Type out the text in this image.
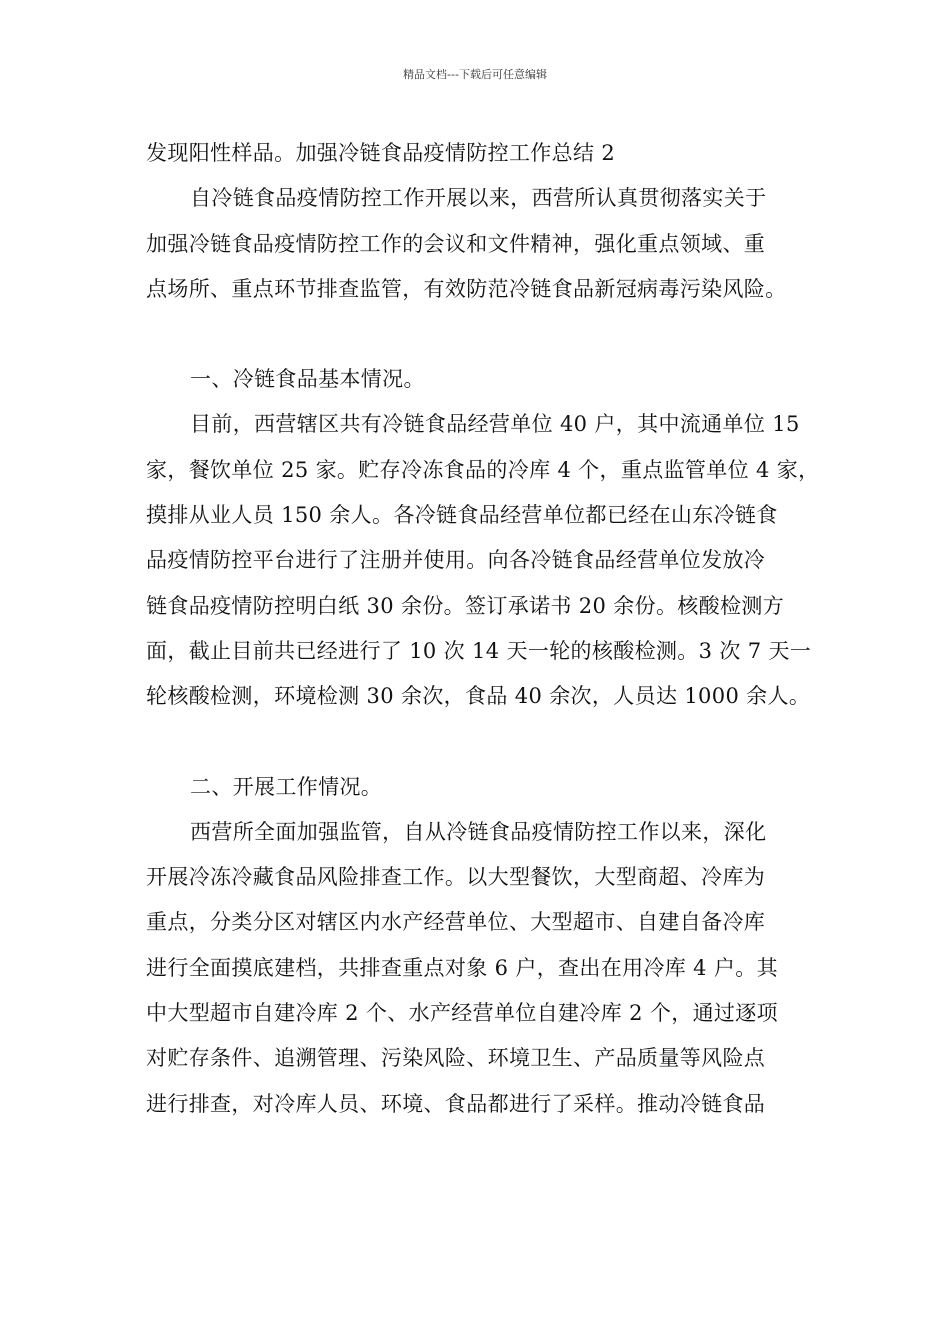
精品文档---下载后可任意编辑

发现阳性样品。加强冷链食品疫情防控工作总结 2

自冷链食品疫情防控工作开展以来，西营所认真贯彻落实关于

加强冷链食品疫情防控工作的会议和文件精神，强化重点领域、重

点场所、重点环节排查监管，有效防范冷链食品新冠病毒污染风险。

一、冷链食品基本情况。

目前，西营辖区共有冷链食品经营单位 40 户，其中流通单位 15

家，餐饮单位 25 家。贮存冷冻食品的冷库 4 个，重点监管单位 4 家，

摸排从业人员 150 余人。各冷链食品经营单位都已经在山东冷链食

品疫情防控平台进行了注册并使用。向各冷链食品经营单位发放冷

链食品疫情防控明白纸 30 余份。签订承诺书 20 余份。核酸检测方

面，截止目前共已经进行了 10 次 14 天一轮的核酸检测。3 次 7 天一

轮核酸检测，环境检测 30 余次，食品 40 余次，人员达 1000 余人。

二、开展工作情况。

西营所全面加强监管，自从冷链食品疫情防控工作以来，深化

开展冷冻冷藏食品风险排查工作。以大型餐饮，大型商超、冷库为

重点，分类分区对辖区内水产经营单位、大型超市、自建自备冷库

进行全面摸底建档，共排查重点对象 6 户，查出在用冷库 4 户。其

中大型超市自建冷库 2 个、水产经营单位自建冷库 2 个，通过逐项

对贮存条件、追溯管理、污染风险、环境卫生、产品质量等风险点

进行排查，对冷库人员、环境、食品都进行了采样。推动冷链食品
